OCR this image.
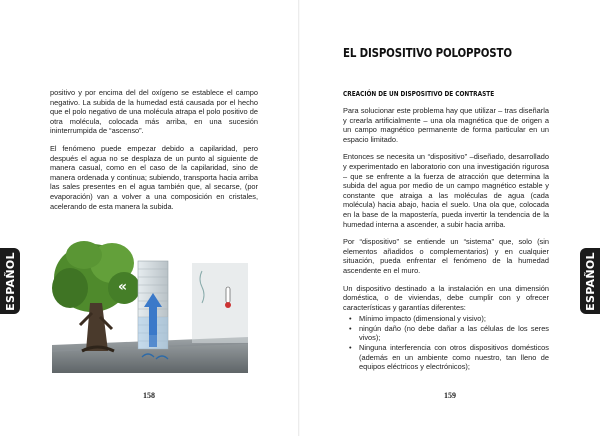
positivo y por encima del del oxígeno se establece el campo negativo. La subida de la humedad está causada por el hecho que el polo negativo de una molécula atrapa el polo positivo de otra molécula, colocada más arriba, en una sucesión ininterrumpida de “ascenso”.

El fenómeno puede empezar debido a capilaridad, pero después el agua no se desplaza de un punto al siguiente de manera casual, como en el caso de la capilaridad, sino de manera ordenada y continua; subiendo, transporta hacia arriba las sales presentes en el agua también que, al secarse, (por evaporación) van a volver a una composición en cristales, acelerando de esta manera la subida.

«	»
«	»
ESPAÑOL
158
EL DISPOSITIVO POLOPPOSTO
CREACIÓN DE UN DISPOSITIVO DE CONTRASTE

Para solucionar este problema hay que utilizar – tras diseñarla y crearla artificialmente – una ola magnética que de origen a un campo magnético permanente de forma particular en un espacio limitado.

Entonces se necesita un “dispositivo” –diseñado, desarrollado y experimentado en laboratorio con una investigación rigurosa – que se enfrente a la fuerza de atracción que determina la subida del agua por medio de un campo magnético estable y constante que atraiga a las moléculas de agua (cada molécula) hacia abajo, hacia el suelo. Una ola que, colocada en la base de la mapostería, pueda invertir la tendencia de la humedad interna a ascender, a subir hacia arriba.

Por “dispositivo” se entiende un “sistema” que, solo (sin elementos añadidos o complementarios) y en cualquier situación, pueda enfrentar el fenómeno de la humedad ascendente en el muro.

Un dispositivo destinado a la instalación en una dimensión doméstica, o de viviendas, debe cumplir con y ofrecer características y garantías diferentes:

• Mínimo impacto (dimensional y visivo);
• ningún daño (no debe dañar a las células de los seres vivos);
• Ninguna interferencia con otros dispositivos domésticos (además en un ambiente como nuestro, tan lleno de equipos eléctricos y electrónicos);
ESPAÑOL
159
